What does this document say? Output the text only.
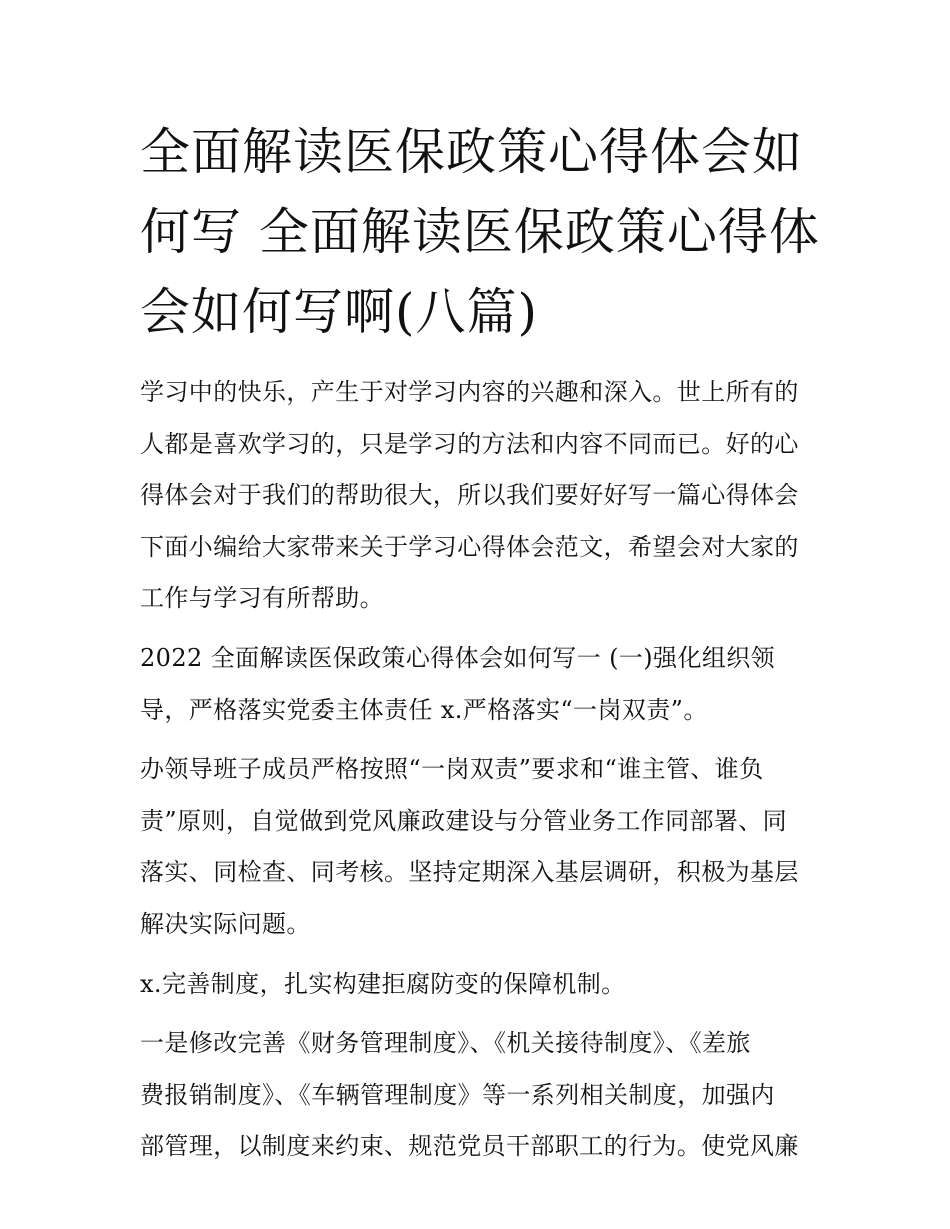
全面解读医保政策心得体会如
何写 全面解读医保政策心得体
会如何写啊(八篇)
学习中的快乐，产生于对学习内容的兴趣和深入。世上所有的
人都是喜欢学习的，只是学习的方法和内容不同而已。好的心
得体会对于我们的帮助很大，所以我们要好好写一篇心得体会
下面小编给大家带来关于学习心得体会范文，希望会对大家的
工作与学习有所帮助。
2022 全面解读医保政策心得体会如何写一 (一)强化组织领
导，严格落实党委主体责任 x.严格落实“一岗双责”。
办领导班子成员严格按照“一岗双责”要求和“谁主管、谁负
责”原则，自觉做到党风廉政建设与分管业务工作同部署、同
落实、同检查、同考核。坚持定期深入基层调研，积极为基层
解决实际问题。
x.完善制度，扎实构建拒腐防变的保障机制。
一是修改完善《财务管理制度》、《机关接待制度》、《差旅
费报销制度》、《车辆管理制度》等一系列相关制度，加强内
部管理，以制度来约束、规范党员干部职工的行为。使党风廉
